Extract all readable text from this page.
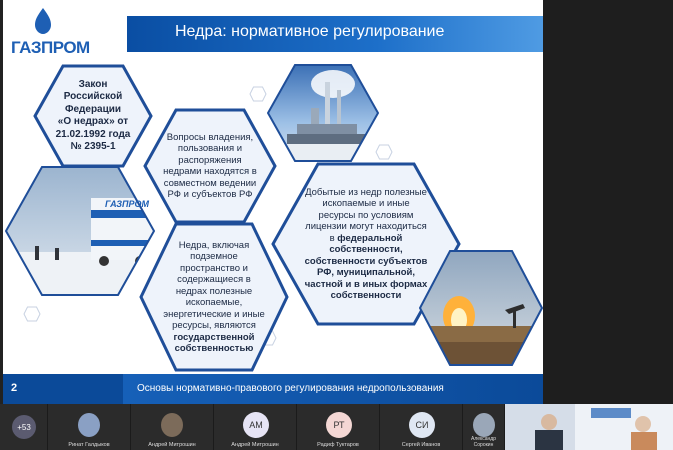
ГАЗПРОМ
Недра: нормативное регулирование
Закон
Российской
Федерации
«О недрах» от
21.02.1992 года
№ 2395-1
Вопросы владения,
пользования и
распоряжения
недрами находятся в
совместном ведении
РФ и субъектов РФ
ГАЗПРОМ
Добытые из недр полезные
ископаемые и иные
ресурсы по условиям
лицензии могут находиться
в федеральной
собственности,
собственности субъектов
РФ, муниципальной,
частной и в иных формах
собственности
Недра, включая
подземное
пространство и
содержащиеся в
недрах полезные
ископаемые,
энергетические и иные
ресурсы, являются
государственной
собственностью
2	Основы нормативно-правового регулирования недропользования
+53
Ринат Галдыков	Андрей Митрошин
АМ
Андрей Митрошин
РТ
Радиф Туктаров
СИ
Сергей Иванов
Александр Сорокин
